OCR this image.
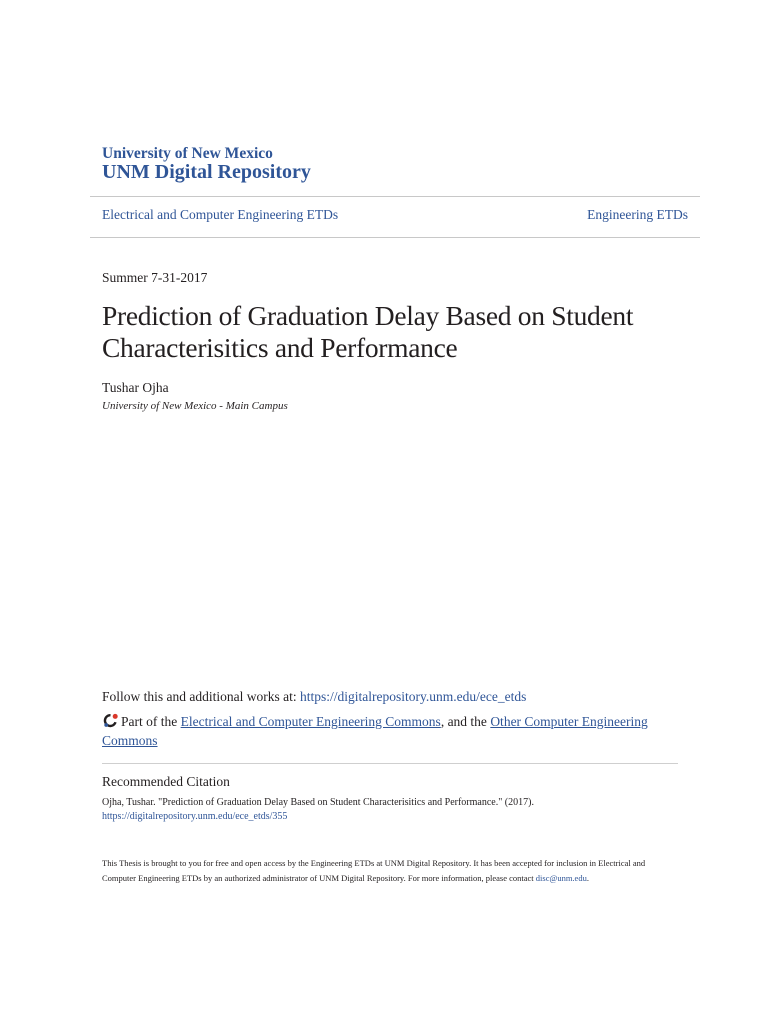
University of New Mexico
UNM Digital Repository
Electrical and Computer Engineering ETDs	Engineering ETDs
Summer 7-31-2017
Prediction of Graduation Delay Based on Student Characterisitics and Performance
Tushar Ojha
University of New Mexico - Main Campus
Follow this and additional works at: https://digitalrepository.unm.edu/ece_etds
Part of the Electrical and Computer Engineering Commons, and the Other Computer Engineering Commons
Recommended Citation
Ojha, Tushar. "Prediction of Graduation Delay Based on Student Characterisitics and Performance." (2017).
https://digitalrepository.unm.edu/ece_etds/355
This Thesis is brought to you for free and open access by the Engineering ETDs at UNM Digital Repository. It has been accepted for inclusion in Electrical and Computer Engineering ETDs by an authorized administrator of UNM Digital Repository. For more information, please contact disc@unm.edu.
